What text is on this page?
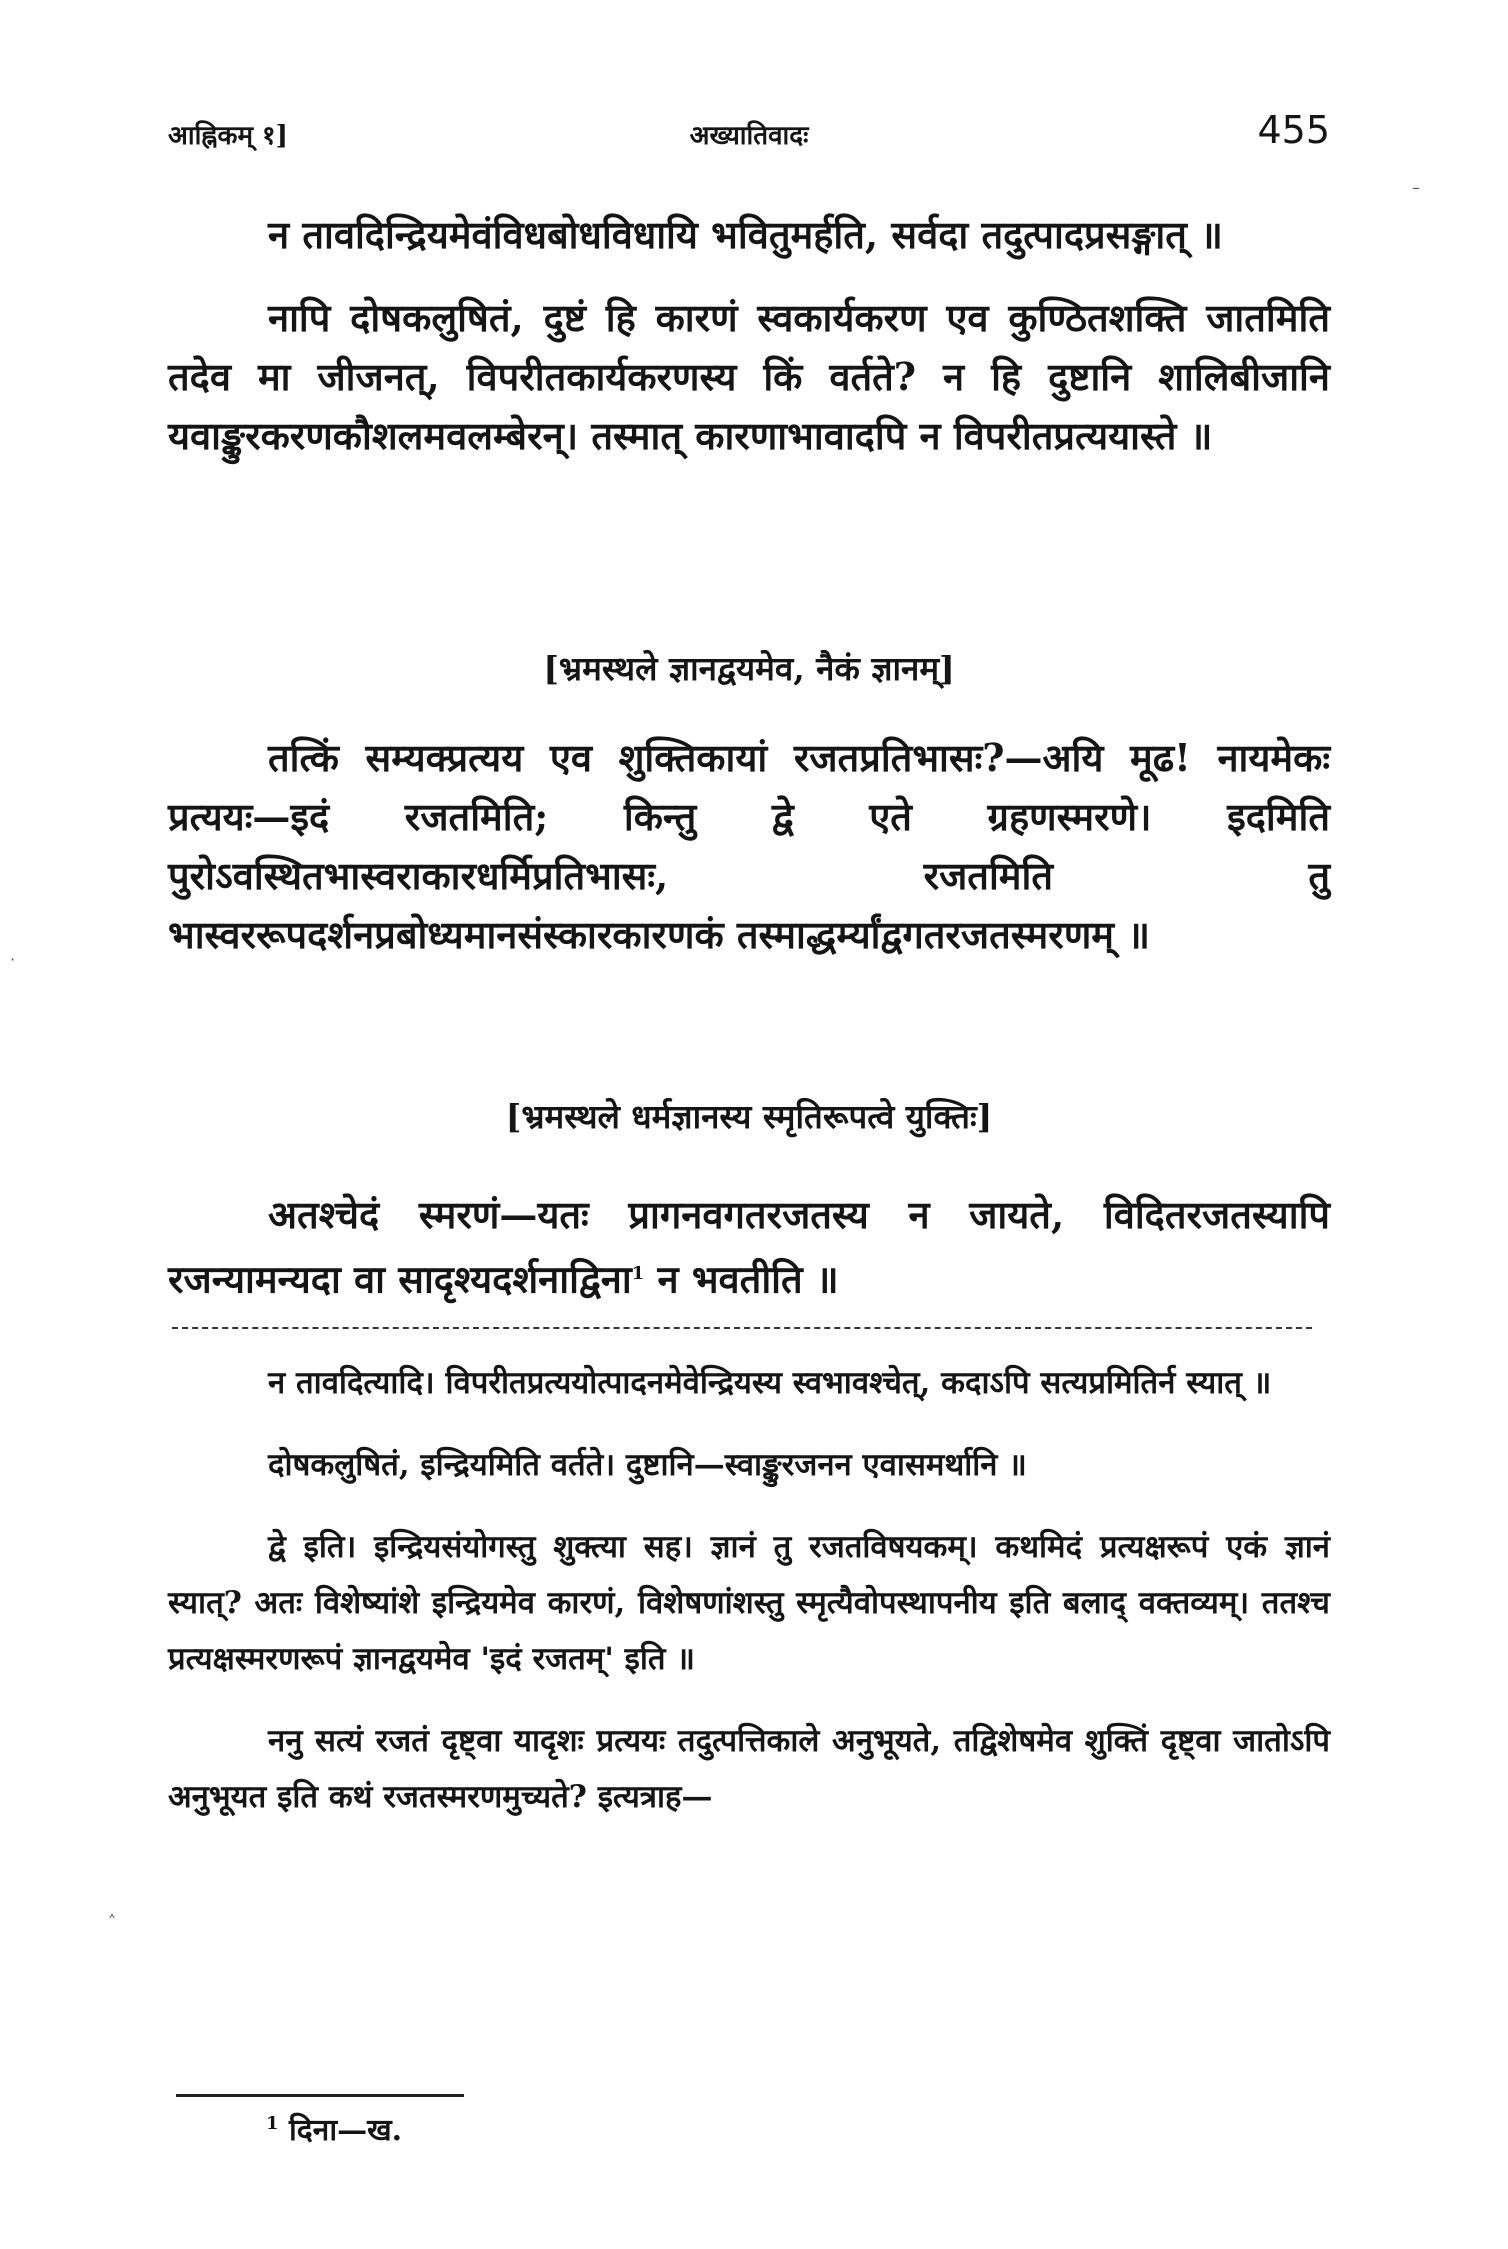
आह्निकम् १]	अख्यातिवादः	455

न तावदिन्द्रियमेवंविधबोधविधायि भवितुमर्हति, सर्वदा तदुत्पादप्रसङ्गात् ॥

नापि दोषकलुषितं, दुष्टं हि कारणं स्वकार्यकरण एव कुण्ठितशक्ति जातमिति तदेव मा जीजनत्, विपरीतकार्यकरणस्य किं वर्तते? न हि दुष्टानि शालिबीजानि यवाङ्कुरकरणकौशलमवलम्बेरन्। तस्मात् कारणाभावादपि न विपरीतप्रत्ययास्ते ॥

[भ्रमस्थले ज्ञानद्वयमेव, नैकं ज्ञानम्]

तत्किं सम्यक्प्रत्यय एव शुक्तिकायां रजतप्रतिभासः?—अयि मूढ! नायमेकः प्रत्ययः—इदं रजतमिति; किन्तु द्वे एते ग्रहणस्मरणे। इदमिति पुरोऽवस्थितभास्वराकारधर्मिप्रतिभासः, रजतमिति तु भास्वररूपदर्शनप्रबोध्यमानसंस्कारकारणकं तस्माद्धर्म्यांद्वगतरजतस्मरणम् ॥

[भ्रमस्थले धर्मज्ञानस्य स्मृतिरूपत्वे युक्तिः]

अतश्चेदं स्मरणं—यतः प्रागनवगतरजतस्य न जायते, विदितरजतस्यापि रजन्यामन्यदा वा सादृश्यदर्शनाद्विना$^1$ न भवतीति ॥

न तावदित्यादि। विपरीतप्रत्ययोत्पादनमेवेन्द्रियस्य स्वभावश्चेत्, कदाऽपि सत्यप्रमितिर्न स्यात् ॥

दोषकलुषितं, इन्द्रियमिति वर्तते। दुष्टानि—स्वाङ्कुरजनन एवासमर्थानि ॥

द्वे इति। इन्द्रियसंयोगस्तु शुक्त्या सह। ज्ञानं तु रजतविषयकम्। कथमिदं प्रत्यक्षरूपं एकं ज्ञानं स्यात्? अतः विशेष्यांशे इन्द्रियमेव कारणं, विशेषणांशस्तु स्मृत्यैवोपस्थापनीय इति बलाद् वक्तव्यम्। ततश्च प्रत्यक्षस्मरणरूपं ज्ञानद्वयमेव 'इदं रजतम्' इति ॥

ननु सत्यं रजतं दृष्ट्वा यादृशः प्रत्ययः तदुत्पत्तिकाले अनुभूयते, तद्विशेषमेव शुक्तिं दृष्ट्वा जातोऽपि अनुभूयत इति कथं रजतस्मरणमुच्यते? इत्यत्राह—

$^1$ दिना—ख.
–
·
˄
